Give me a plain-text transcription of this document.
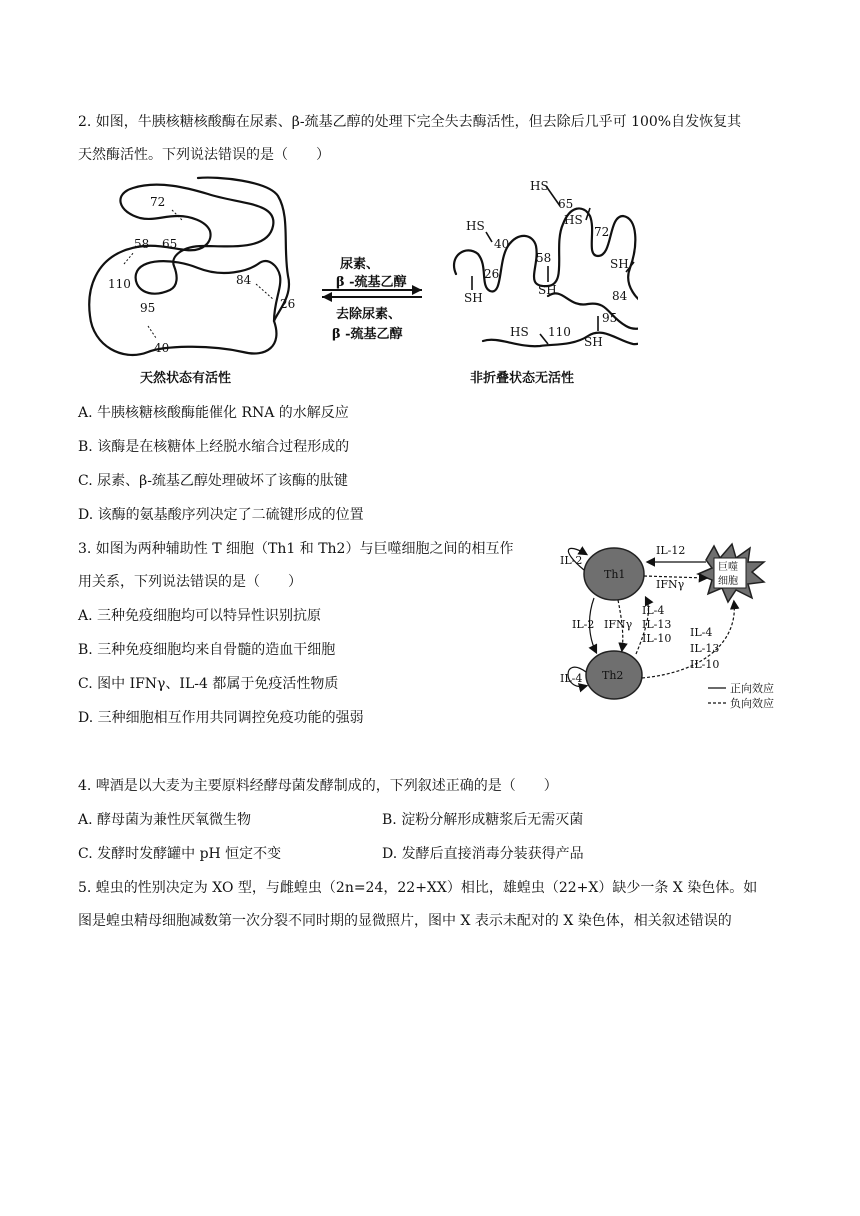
2. 如图，牛胰核糖核酸酶在尿素、β-巯基乙醇的处理下完全失去酶活性，但去除后几乎可 100%自发恢复其
天然酶活性。下列说法错误的是（　　）
72
58 65
84
110
95	26
40
天然状态有活性
尿素、
β -巯基乙醇
去除尿素、
β -巯基乙醇
HS
65
HS
72
HS
40
58
SH
26
SH
SH
84
HS 110
95
SH
非折叠状态无活性
A. 牛胰核糖核酸酶能催化 RNA 的水解反应
B. 该酶是在核糖体上经脱水缩合过程形成的
C. 尿素、β-巯基乙醇处理破坏了该酶的肽键
D. 该酶的氨基酸序列决定了二硫键形成的位置
3. 如图为两种辅助性 T 细胞（Th1 和 Th2）与巨噬细胞之间的相互作
用关系，下列说法错误的是（　　）
A. 三种免疫细胞均可以特异性识别抗原
B. 三种免疫细胞均来自骨髓的造血干细胞
C. 图中 IFNγ、IL-4 都属于免疫活性物质
D. 三种细胞相互作用共同调控免疫功能的强弱
Th1
Th2
巨噬
细胞
IL-2
IL-12
IFNγ
IL-2 IFNγ
IL-4
IL-13
IL-10 IL-4
IL-13
IL-10
IL-4
正向效应
负向效应
4. 啤酒是以大麦为主要原料经酵母菌发酵制成的，下列叙述正确的是（　　）
A. 酵母菌为兼性厌氧微生物	B. 淀粉分解形成糖浆后无需灭菌
C. 发酵时发酵罐中 pH 恒定不变	D. 发酵后直接消毒分装获得产品
5. 蝗虫的性别决定为 XO 型，与雌蝗虫（2n=24，22+XX）相比，雄蝗虫（22+X）缺少一条 X 染色体。如
图是蝗虫精母细胞减数第一次分裂不同时期的显微照片，图中 X 表示未配对的 X 染色体，相关叙述错误的
